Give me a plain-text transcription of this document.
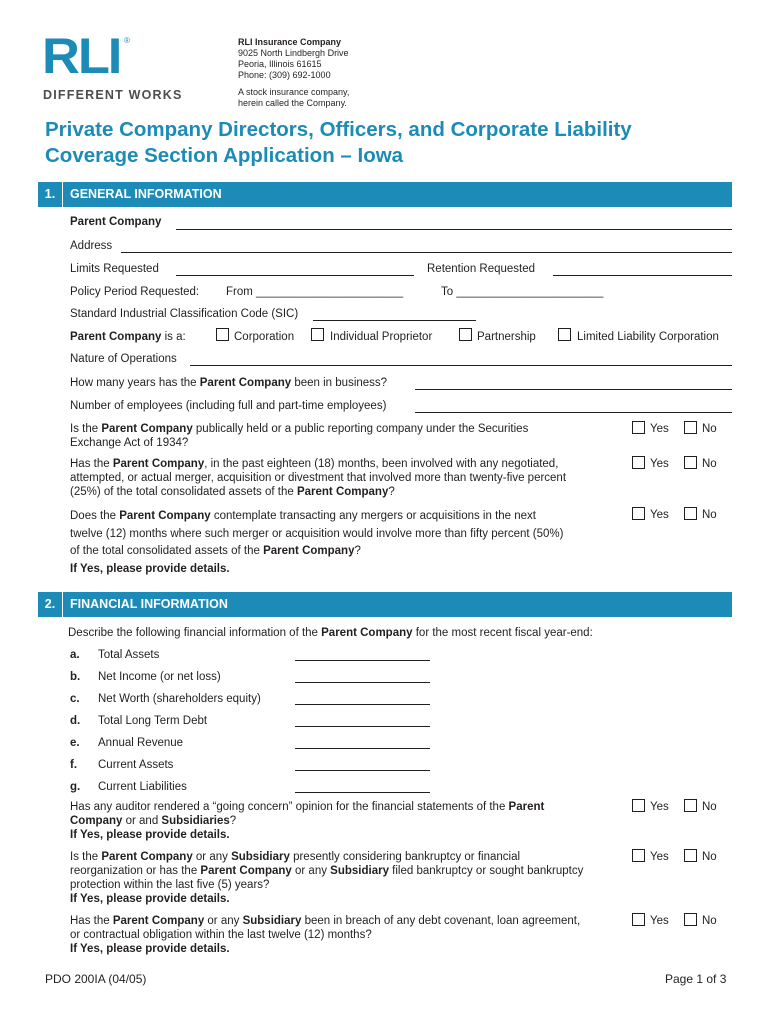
RLI ®
DIFFERENT WORKS
RLI Insurance Company
9025 North Lindbergh Drive
Peoria, Illinois 61615
Phone: (309) 692-1000
A stock insurance company,
herein called the Company.
Private Company Directors, Officers, and Corporate Liability
Coverage Section Application – Iowa
1.	GENERAL INFORMATION
Parent Company
Address
Limits Requested	Retention Requested
Policy Period Requested: From _______________________	To _______________________
Standard Industrial Classification Code (SIC)
Parent Company is a:	Corporation	Individual Proprietor	Partnership	Limited Liability Corporation
Nature of Operations
How many years has the Parent Company been in business?
Number of employees (including full and part-time employees)
Is the Parent Company publically held or a public reporting company under the Securities
Exchange Act of 1934?
Yes	No
Has the Parent Company, in the past eighteen (18) months, been involved with any negotiated,
attempted, or actual merger, acquisition or divestment that involved more than twenty-five percent
(25%) of the total consolidated assets of the Parent Company?
Yes	No
Does the Parent Company contemplate transacting any mergers or acquisitions in the next
twelve (12) months where such merger or acquisition would involve more than fifty percent (50%)
of the total consolidated assets of the Parent Company?
If Yes, please provide details.
Yes	No
2.	FINANCIAL INFORMATION
Describe the following financial information of the Parent Company for the most recent fiscal year-end:
a. Total Assets
b. Net Income (or net loss)
c. Net Worth (shareholders equity)
d. Total Long Term Debt
e. Annual Revenue
f. Current Assets
g. Current Liabilities
Has any auditor rendered a “going concern” opinion for the financial statements of the Parent
Company or and Subsidiaries?
If Yes, please provide details.
Yes	No
Is the Parent Company or any Subsidiary presently considering bankruptcy or financial
reorganization or has the Parent Company or any Subsidiary filed bankruptcy or sought bankruptcy
protection within the last five (5) years?
If Yes, please provide details.
Yes	No
Has the Parent Company or any Subsidiary been in breach of any debt covenant, loan agreement,
or contractual obligation within the last twelve (12) months?
If Yes, please provide details.
Yes	No
PDO 200IA (04/05)	Page 1 of 3
